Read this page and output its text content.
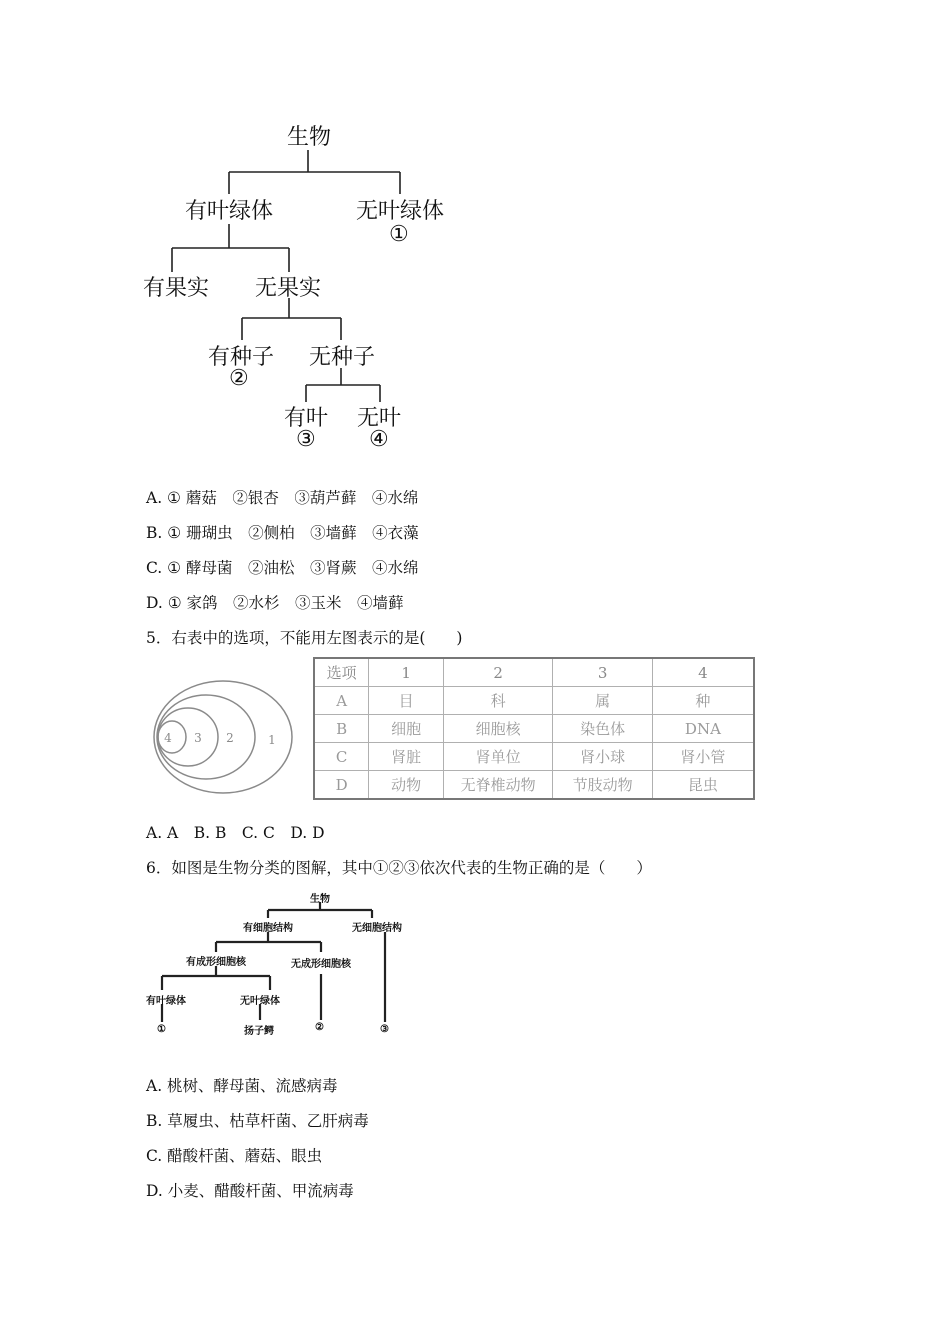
生物
有叶绿体	无叶绿体
①
有果实 无果实
有种子
②
无种子
有叶
③
无叶
④
A. ① 蘑菇　②银杏　③葫芦藓　④水绵
B. ① 珊瑚虫　②侧柏　③墙藓　④衣藻
C. ① 酵母菌　②油松　③肾蕨　④水绵
D. ① 家鸽　②水杉　③玉米　④墙藓
5．右表中的选项，不能用左图表示的是(　　)
4 3 2	1
选项	1	2	3	4
A	目	科	属	种
B	细胞	细胞核	染色体	DNA
C	肾脏	肾单位	肾小球	肾小管
D	动物	无脊椎动物	节肢动物	昆虫
A. A　B. B　C. C　D. D
6．如图是生物分类的图解，其中①②③依次代表的生物正确的是（　　）
生物
有细胞结构	无细胞结构
有成形细胞核	无成形细胞核
有叶绿体	无叶绿体
①	扬子鳄	②	③
A. 桃树、酵母菌、流感病毒
B. 草履虫、枯草杆菌、乙肝病毒
C. 醋酸杆菌、蘑菇、眼虫
D. 小麦、醋酸杆菌、甲流病毒
